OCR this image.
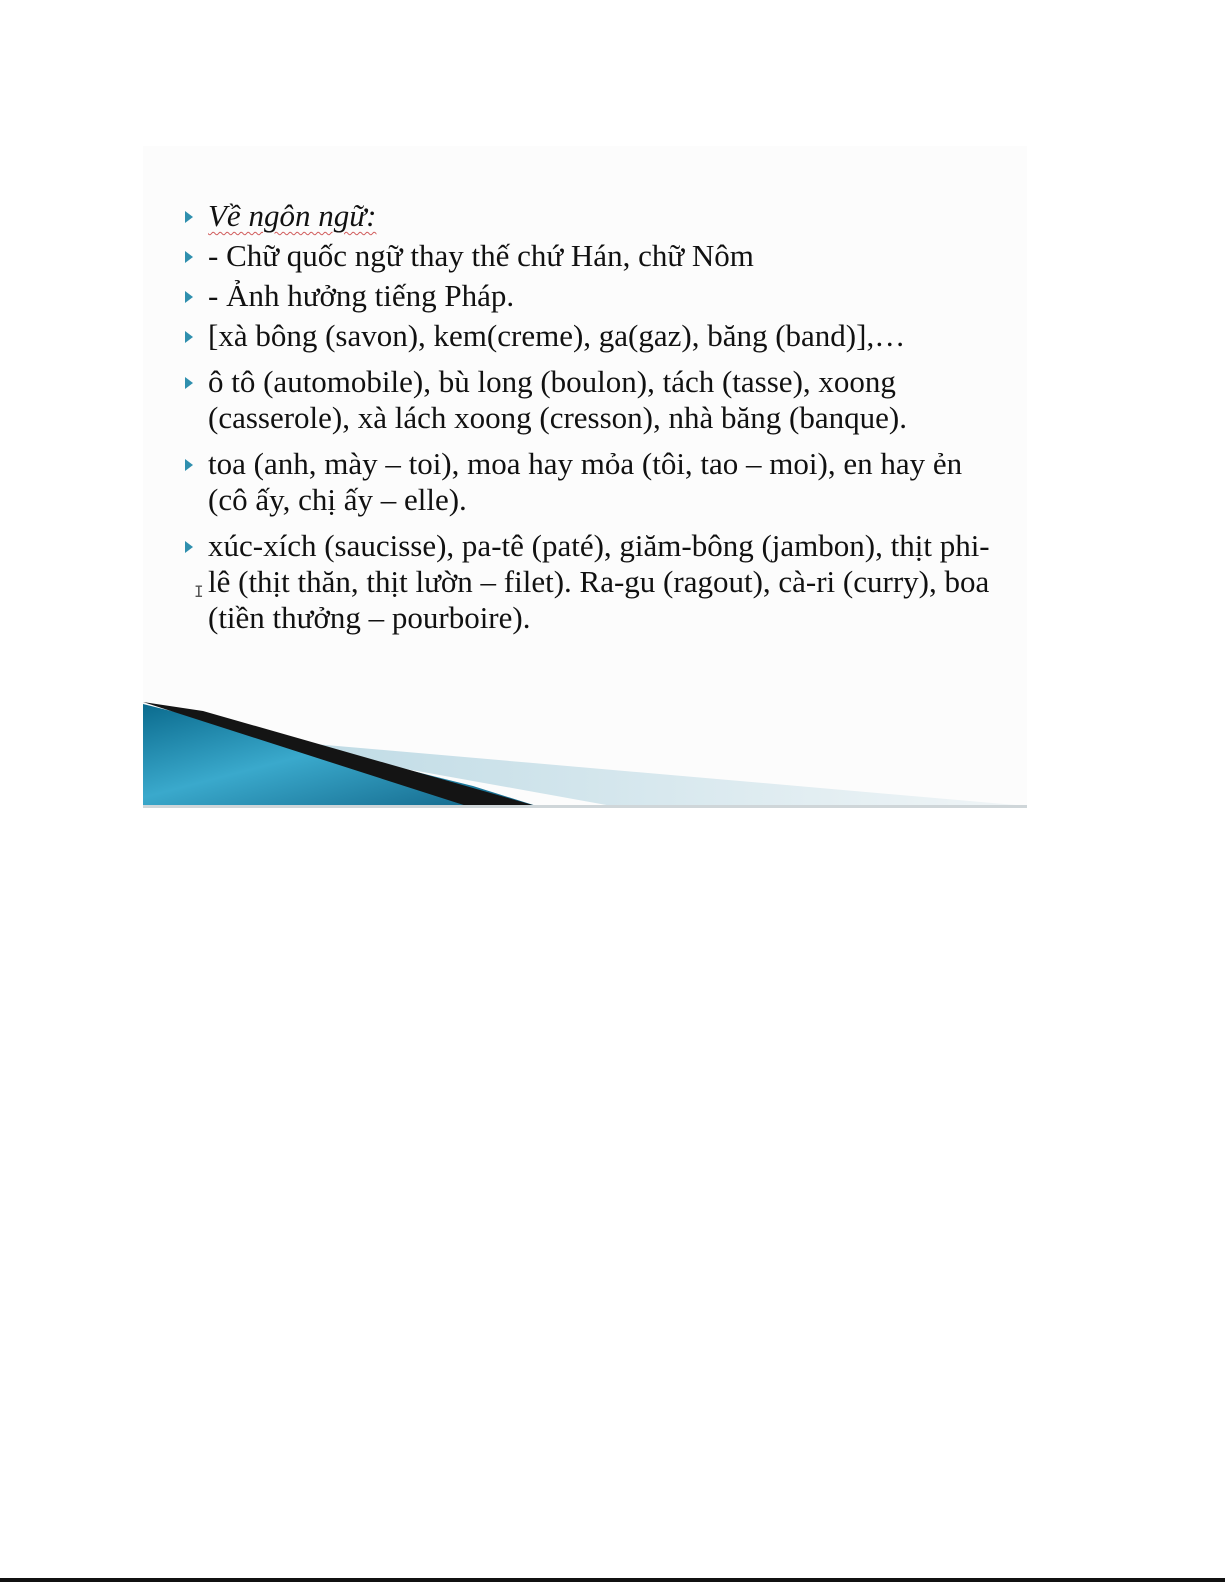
Về ngôn ngữ:
- Chữ quốc ngữ thay thế chứ Hán, chữ Nôm
- Ảnh hưởng tiếng Pháp.
[xà bông (savon), kem(creme), ga(gaz), băng (band)],…
ô tô (automobile), bù long (boulon), tách (tasse), xoong (casserole), xà lách xoong (cresson), nhà băng (banque).
toa (anh, mày – toi), moa hay mỏa (tôi, tao – moi), en hay ẻn (cô ấy, chị ấy – elle).
xúc-xích (saucisse), pa-tê (paté), giăm-bông (jambon), thịt phi-lê (thịt thăn, thịt lườn – filet). Ra-gu (ragout), cà-ri (curry), boa (tiền thưởng – pourboire).
I
